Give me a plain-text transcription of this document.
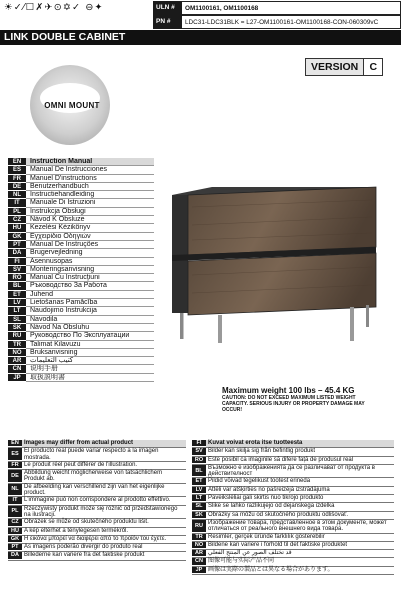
☀✓⁄☐✗✈⊙✡✓ ⊖✦	ULN #	OM1100161, OM1100168
PN #	LDC31-LDC31BLK = L27-OM1100161-OM1100168-CON-060309vC
LINK DOUBLE CABINET
VERSION	C
OMNI MOUNT
EN	Instruction Manual
ES	Manual De Instrucciones
FR	Manuel D'instructions
DE	Benutzerhandbuch
NL	Instructiehandleiding
IT	Manuale Di Istruzioni
PL	Instrukcja Obsługi
CZ	Návod K Obsluze
HU	Kezelési Kézikönyv
GK	Εγχειρίδιο Οδηγιών
PT	Manual De Instruções
DA	Brugervejledning
FI	Asennusopas
SV	Monteringsanvisning
RO	Manual Cu Instrucţiuni
BL	Ръководство За Работа
ET	Juhend
LV	Lietošanas Pamācība
LT	Naudojimo Instrukcija
SL	Navodila
SK	Návod Na Obsluhu
RU	Руководство По Эксплуатации
TR	Talimat Kilavuzu
NO	Bruksanvisning
AR	كتيب التعليمات
CN	说明手册
JP	取扱説明書
Maximum weight 100 lbs – 45.4 KG
CAUTION: DO NOT EXCEED MAXIMUM LISTED WEIGHT CAPACITY. SERIOUS INJURY OR PROPERTY DAMAGE MAY OCCUR!
EN Images may differ from actual product
ES El producto real puede variar respecto a la imagen mostrada.
FR Le produit réel peut différer de l'illustration.
DE Abbildung weicht möglicherweise von tatsächlichem Produkt ab.
NL De afbeelding kan verschillend zijn van het eigenlijke product.
IT	L'immagine può non corrispondere al prodotto effettivo.
PL Rzeczywisty produkt może się różnić od przedstawionego na ilustracji.
CZ Obrázek se může od skutečného produktu lišit.
HU A kép eltérhet a ténylegesen termékről.
GK Η εικόνα μπορεί να διαφέρει από το προϊόν του έχετε.
PT As imagens poderão divergir do produto real
DA Billederne kan variere fra det faktiske produkt
FI	Kuvat voivat erota itse tuotteesta
SV Bilder kan skilja sig från befintlig produkt
RO Este posibil ca imaginile să difere față de produsul real
BL Възможно е изображенията да се различават от продукта в действителност
ET Pildid võivad tegelikust tootest erineda
LV Attēli var atšķirties no pašreizējā izstrādājuma
LT Paveikslėliai gali skirtis nuo tikrojo produkto
SL Slike se lahko razlikujejo od dejanskega izdelka
SK Obrázky sa môžu od skutočného produktu odlišovať.
RU Изображение товара, представленное в этом документе, может отличаться от реального внешнего вида товара.
TR Resimler, gerçek üründe farklılık gösterebilir
NO Bildene kan variere i forhold til det faktiske produktet
AR قد تختلف الصور عن المنتج الفعلي
CN 图像可能与实际产品不同
JP 画像は実際の製品とは異なる場合があります。
